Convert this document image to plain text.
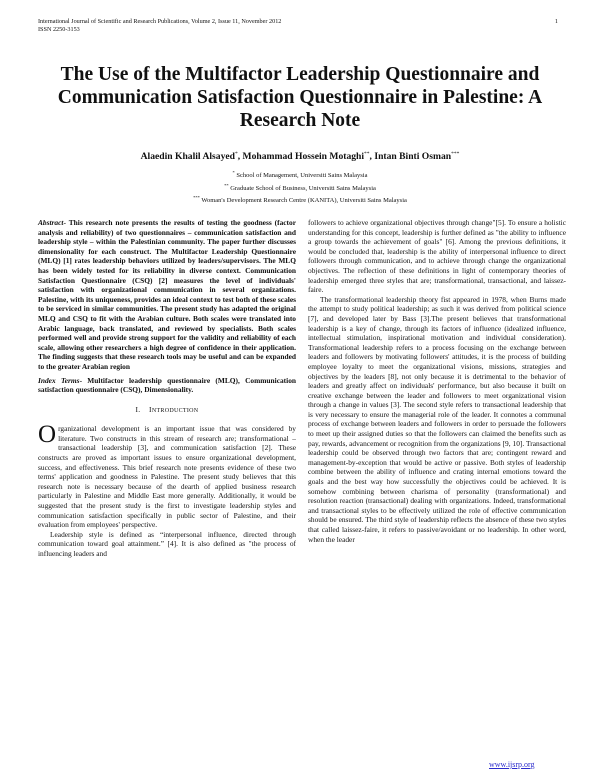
International Journal of Scientific and Research Publications, Volume 2, Issue 11, November 2012	1
ISSN 2250-3153
The Use of the Multifactor Leadership Questionnaire and Communication Satisfaction Questionnaire in Palestine: A Research Note
Alaedin Khalil Alsayed*, Mohammad Hossein Motaghi**, Intan Binti Osman***
* School of Management, Universiti Sains Malaysia
** Graduate School of Business, Universiti Sains Malaysia
*** Woman's Development Research Centre (KANITA), Universiti Sains Malaysia

Abstract- This research note presents the results of testing the goodness (factor analysis and reliability) of two questionnaires – communication satisfaction and leadership style – within the Palestinian community. The paper further discusses dimensionality for each construct. The Multifactor Leadership Questionnaire (MLQ) [1] rates leadership behaviors utilized by leaders/supervisors. The MLQ has been widely tested for its reliability in diverse context. Communication Satisfaction Questionnaire (CSQ) [2] measures the level of individuals' satisfaction with organizational communication in several organizations. Palestine, with its uniqueness, provides an ideal context to test both of these scales to be serviced in similar communities. The present study has adapted the original MLQ and CSQ to fit with the Arabian culture. Both scales were translated into Arabic language, back translated, and reviewed by specialists. Both scales performed well and provide strong support for the validity and reliability of each scale, allowing other researchers a high degree of confidence in their application. The finding suggests that these research tools may be useful and can be expanded to the greater Arabian region

Index Terms- Multifactor leadership questionnaire (MLQ), Communication satisfaction questionnaire (CSQ), Dimensionality.

I. INTRODUCTION

Organizational development is an important issue that was considered by literature. Two constructs in this stream of research are; transformational – transactional leadership [3], and communication satisfaction [2]. These constructs are proved as important issues to ensure organizational development, success, and effectiveness. This brief research note presents evidence of these two terms' application and goodness in Palestine. The present study believes that this research note is necessary because of the dearth of applied business research particularly in Palestine and Middle East more generally. Additionally, it would be suggested that the present study is the first to investigate leadership styles and communication satisfaction specifically in public sector of Palestine, and their evaluation from employees' perspective.

Leadership style is defined as “interpersonal influence, directed through communication toward goal attainment.” [4]. It is also defined as "the process of influencing leaders and

followers to achieve organizational objectives through change"[5]. To ensure a holistic understanding for this concept, leadership is further defined as "the ability to influence a group towards the achievement of goals" [6]. Among the previous definitions, it would be concluded that, leadership is the ability of interpersonal influence to direct followers through communication, and to achieve through change the organizational objectives. The reflection of these definitions in light of contemporary theories of leadership emerged three styles that are; transformational, transactional, and laissez-faire.

The transformational leadership theory fist appeared in 1978, when Burns made the attempt to study political leadership; as such it was derived from political science [7], and developed later by Bass [3].The present believes that transformational leadership is a key of change, through its factors of influence (idealized influence, intellectual stimulation, inspirational motivation and individual consideration). Transformational leadership refers to a process focusing on the exchange between leaders and followers by motivating followers' attitudes, it is the process of building employee loyalty to meet the organizational visions, missions, strategies and objectives by the leaders [8], not only because it is detrimental to the behavior of leaders and greatly affect on individuals' performance, but also because it built on creative exchange between the leader and followers to meet organizational vision through a change in values [3]. The second style refers to transactional leadership that is very necessary to ensure the managerial role of the leader. It connotes a communal process of exchange between leaders and followers in order to persuade the followers to meet up their assigned duties so that the followers can claimed the benefits such as pay, rewards, advancement or recognition from the organizations [9, 10]. Transactional leadership could be observed through two factors that are; contingent reward and management-by-exception that would be active or passive. Both styles of leadership combine between the ability of influence and crating internal emotions toward the goals and the best way how successfully the objectives could be achieved. It is somehow combining between charisma of personality (transformational) and resolution reaction (transactional) dealing with organizations. Indeed, transformational and transactional styles to be effectively utilized the role of effective communication should be ensured. The third style of leadership reflects the absence of these two styles that called laissez-faire, it refers to passive/avoidant or no leadership. In other word, when the leader

www.ijsrp.org
